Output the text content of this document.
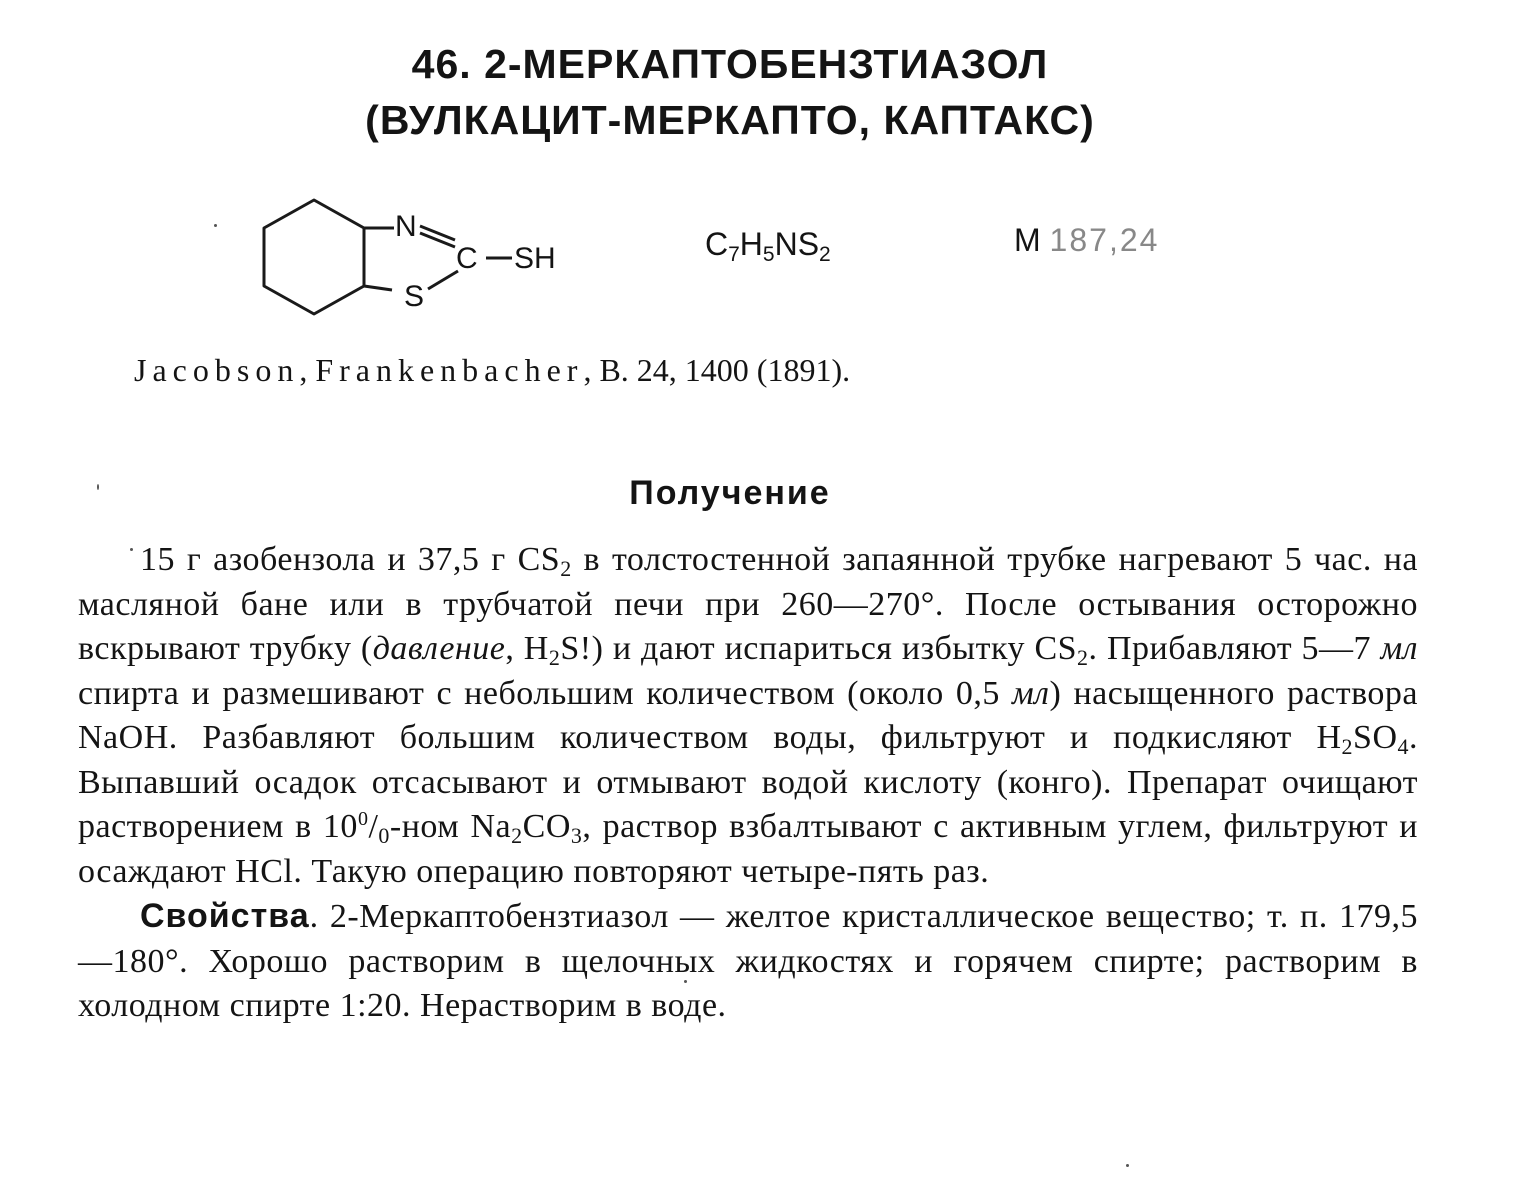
46. 2-МЕРКАПТОБЕНЗТИАЗОЛ
(ВУЛКАЦИТ-МЕРКАПТО, КАПТАКС)
N
C SH
S
$C_7H_5NS_2$	M 187,24
Jacobson, Frankenbacher, B. 24, 1400 (1891).
Получение

15 г азобензола и 37,5 г $CS_2$ в толстостенной запаянной трубке нагревают 5 час. на масляной бане или в трубчатой печи при 260—270°. После остывания осторожно вскрывают трубку (давление, $H_2S$!) и дают испариться избытку $CS_2$. Прибавляют 5—7 мл спирта и размешивают с небольшим количеством (около 0,5 мл) насыщенного раствора NaOH. Разбавляют большим количеством воды, фильтруют и подкисляют $H_2SO_4$. Выпавший осадок отсасывают и отмывают водой кислоту (конго). Препарат очищают растворением в $10^0/_0$-ном $Na_2CO_3$, раствор взбалтывают с активным углем, фильтруют и осаждают HCl. Такую операцию повторяют четыре-пять раз.

Свойства. 2-Меркаптобензтиазол — желтое кристаллическое вещество; т. п. 179,5—180°. Хорошо растворим в щелочных жидкостях и горячем спирте; растворим в холодном спирте 1:20. Нерастворим в воде.
